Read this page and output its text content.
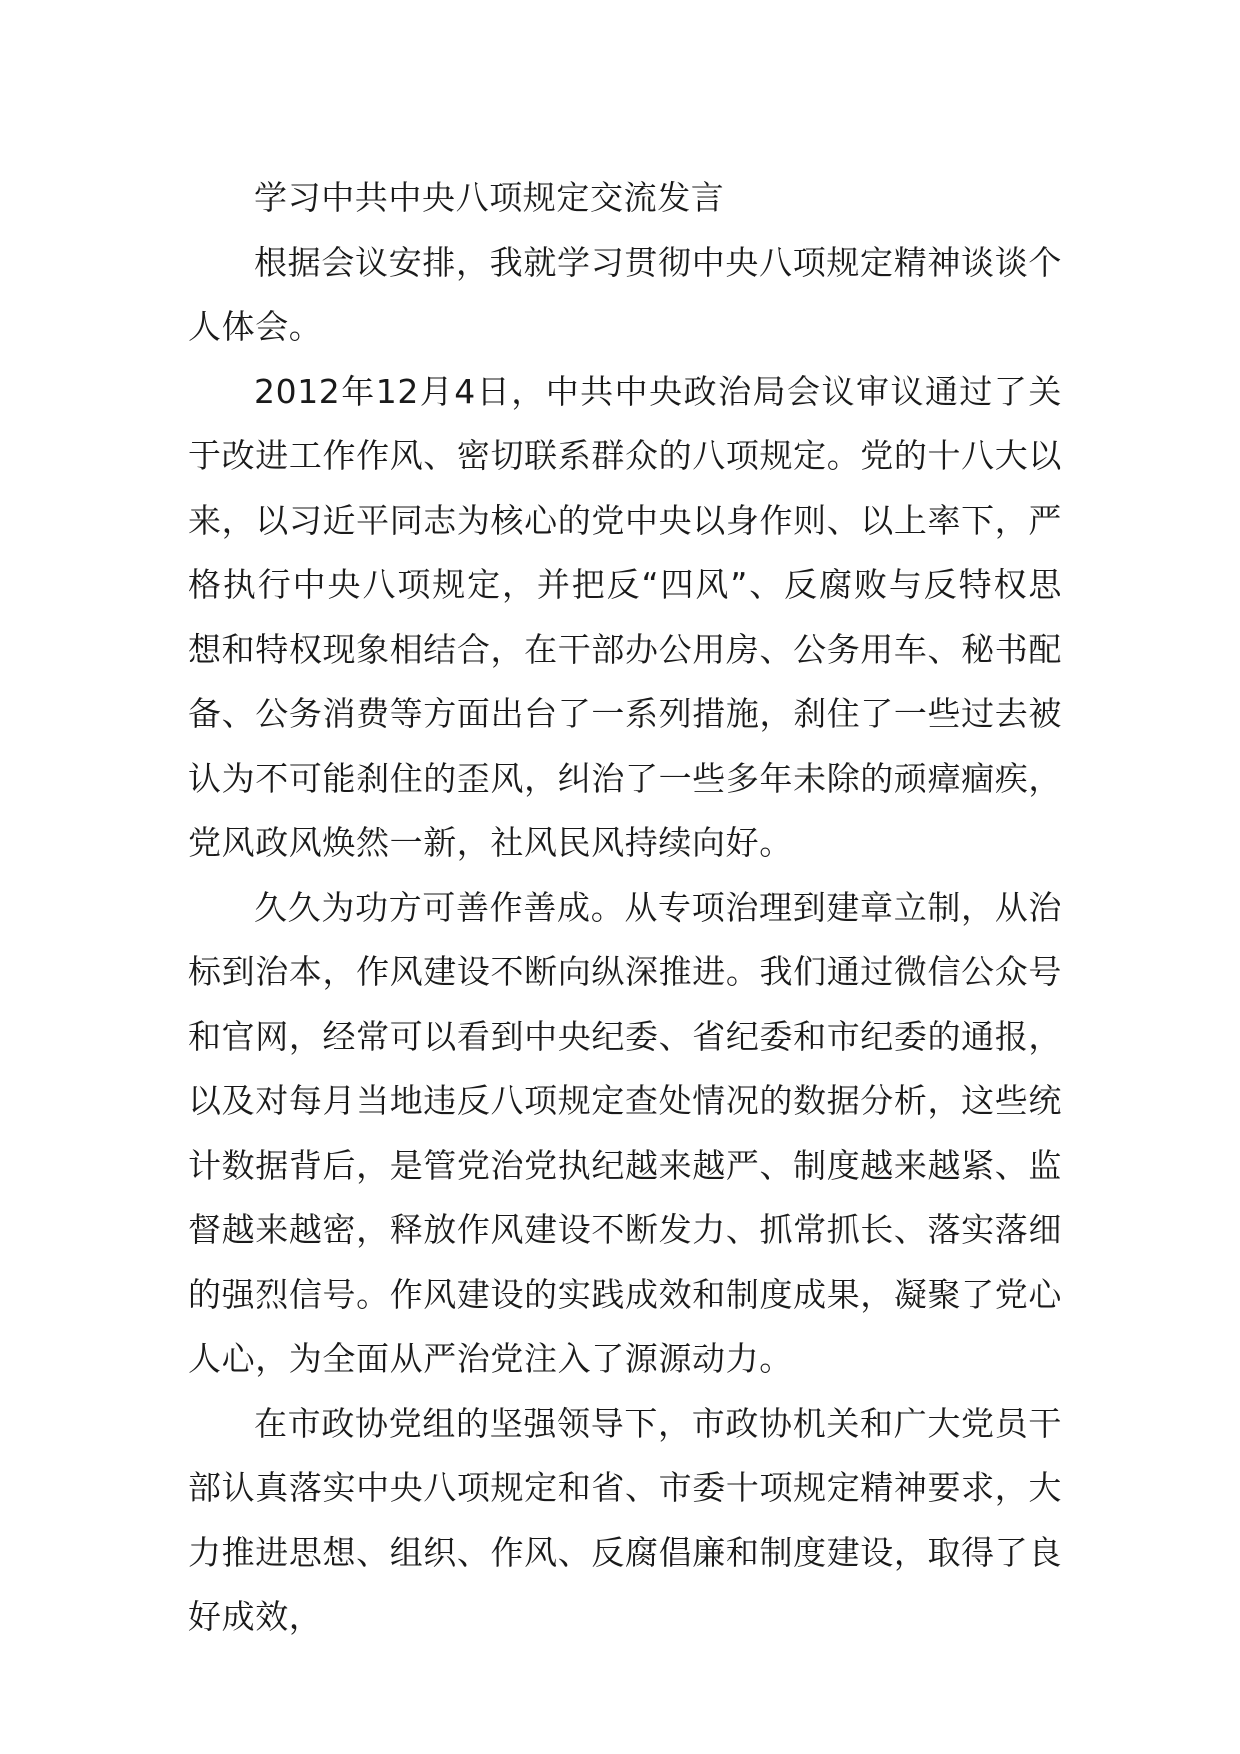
学习中共中央八项规定交流发言

根据会议安排，我就学习贯彻中央八项规定精神谈谈个人体会。

2012年12月4日，中共中央政治局会议审议通过了关于改进工作作风、密切联系群众的八项规定。党的十八大以来，以习近平同志为核心的党中央以身作则、以上率下，严格执行中央八项规定，并把反“四风”、反腐败与反特权思想和特权现象相结合，在干部办公用房、公务用车、秘书配备、公务消费等方面出台了一系列措施，刹住了一些过去被认为不可能刹住的歪风，纠治了一些多年未除的顽瘴痼疾，党风政风焕然一新，社风民风持续向好。

久久为功方可善作善成。从专项治理到建章立制，从治标到治本，作风建设不断向纵深推进。我们通过微信公众号和官网，经常可以看到中央纪委、省纪委和市纪委的通报，以及对每月当地违反八项规定查处情况的数据分析，这些统计数据背后，是管党治党执纪越来越严、制度越来越紧、监督越来越密，释放作风建设不断发力、抓常抓长、落实落细的强烈信号。作风建设的实践成效和制度成果，凝聚了党心人心，为全面从严治党注入了源源动力。

在市政协党组的坚强领导下，市政协机关和广大党员干部认真落实中央八项规定和省、市委十项规定精神要求，大力推进思想、组织、作风、反腐倡廉和制度建设，取得了良好成效，
